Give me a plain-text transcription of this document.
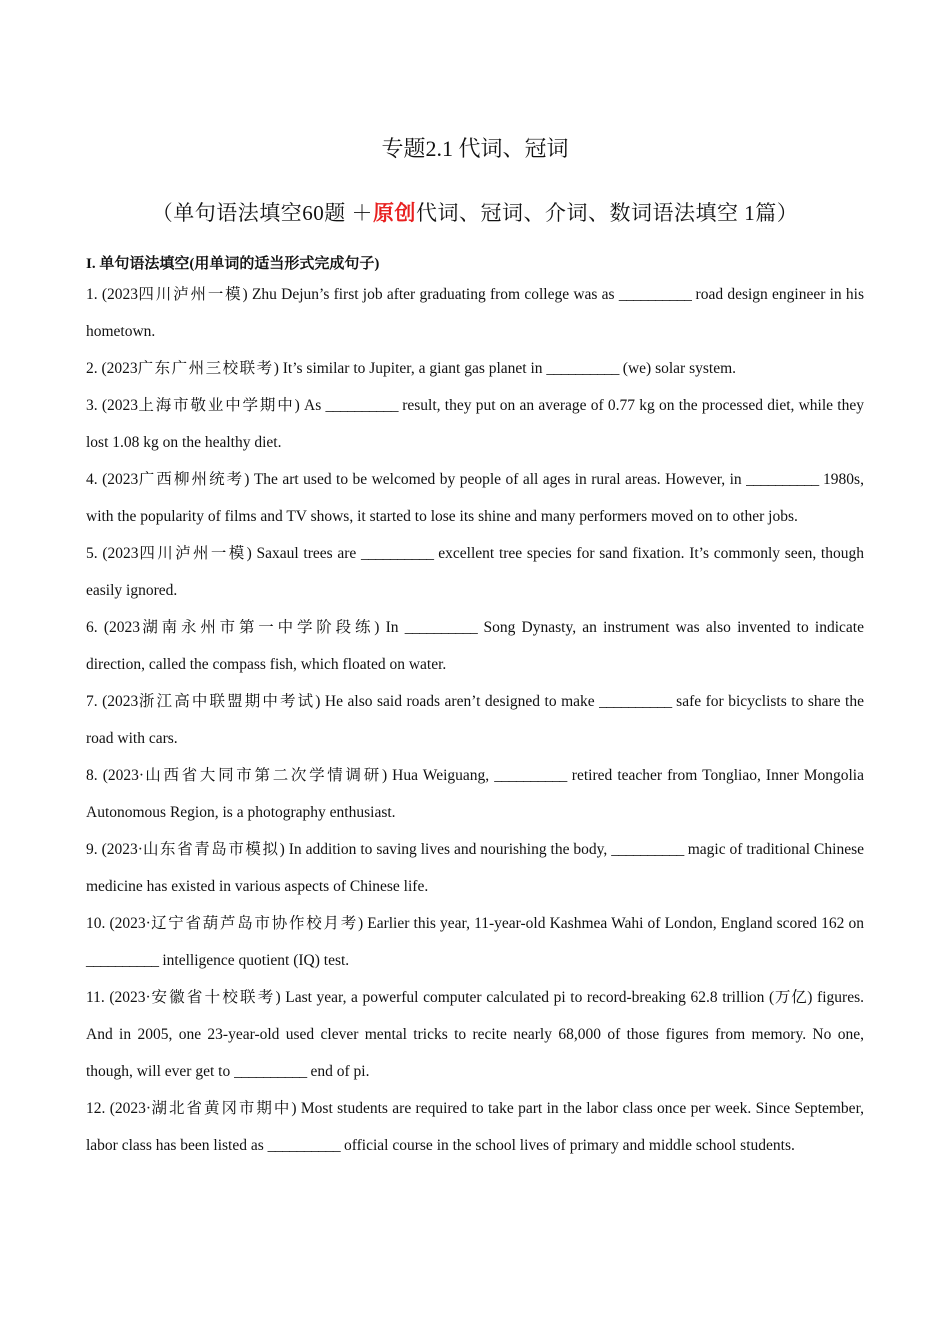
专题2.1 代词、冠词
（单句语法填空60题 ＋原创代词、冠词、介词、数词语法填空 1篇）
I. 单句语法填空(用单词的适当形式完成句子)

1. (2023四川泸州一模) Zhu Dejun’s first job after graduating from college was as __________ road design engineer in his hometown.

2. (2023广东广州三校联考) It’s similar to Jupiter, a giant gas planet in __________ (we) solar system.

3. (2023上海市敬业中学期中) As __________ result, they put on an average of 0.77 kg on the processed diet, while they lost 1.08 kg on the healthy diet.

4. (2023广西柳州统考) The art used to be welcomed by people of all ages in rural areas. However, in __________ 1980s, with the popularity of films and TV shows, it started to lose its shine and many performers moved on to other jobs.

5. (2023四川泸州一模) Saxaul trees are __________ excellent tree species for sand fixation. It’s commonly seen, though easily ignored.

6. (2023湖南永州市第一中学阶段练) In __________ Song Dynasty, an instrument was also invented to indicate direction, called the compass fish, which floated on water.

7. (2023浙江高中联盟期中考试) He also said roads aren’t designed to make __________ safe for bicyclists to share the road with cars.

8. (2023·山西省大同市第二次学情调研) Hua Weiguang, __________ retired teacher from Tongliao, Inner Mongolia Autonomous Region, is a photography enthusiast.

9. (2023·山东省青岛市模拟) In addition to saving lives and nourishing the body, __________ magic of traditional Chinese medicine has existed in various aspects of Chinese life.

10. (2023·辽宁省葫芦岛市协作校月考) Earlier this year, 11-year-old Kashmea Wahi of London, England scored 162 on __________ intelligence quotient (IQ) test.

11. (2023·安徽省十校联考) Last year, a powerful computer calculated pi to record-breaking 62.8 trillion (万亿) figures. And in 2005, one 23-year-old used clever mental tricks to recite nearly 68,000 of those figures from memory. No one, though, will ever get to __________ end of pi.

12. (2023·湖北省黄冈市期中) Most students are required to take part in the labor class once per week. Since September, labor class has been listed as __________ official course in the school lives of primary and middle school students.
